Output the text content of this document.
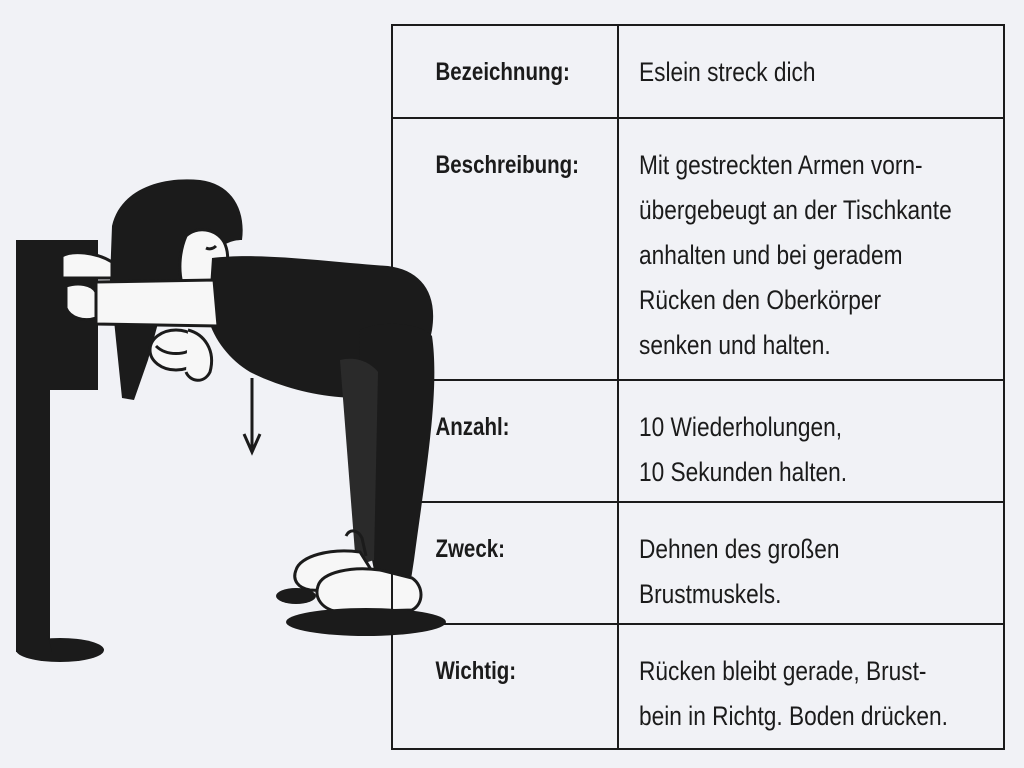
Bezeichnung:	Eslein streck dich

Beschreibung:	Mit gestreckten Armen vorn-
übergebeugt an der Tischkante
anhalten und bei geradem
Rücken den Oberkörper
senken und halten.

Anzahl:	10 Wiederholungen,
10 Sekunden halten.

Zweck:	Dehnen des großen
Brustmuskels.

Wichtig:	Rücken bleibt gerade, Brust-
bein in Richtg. Boden drücken.
